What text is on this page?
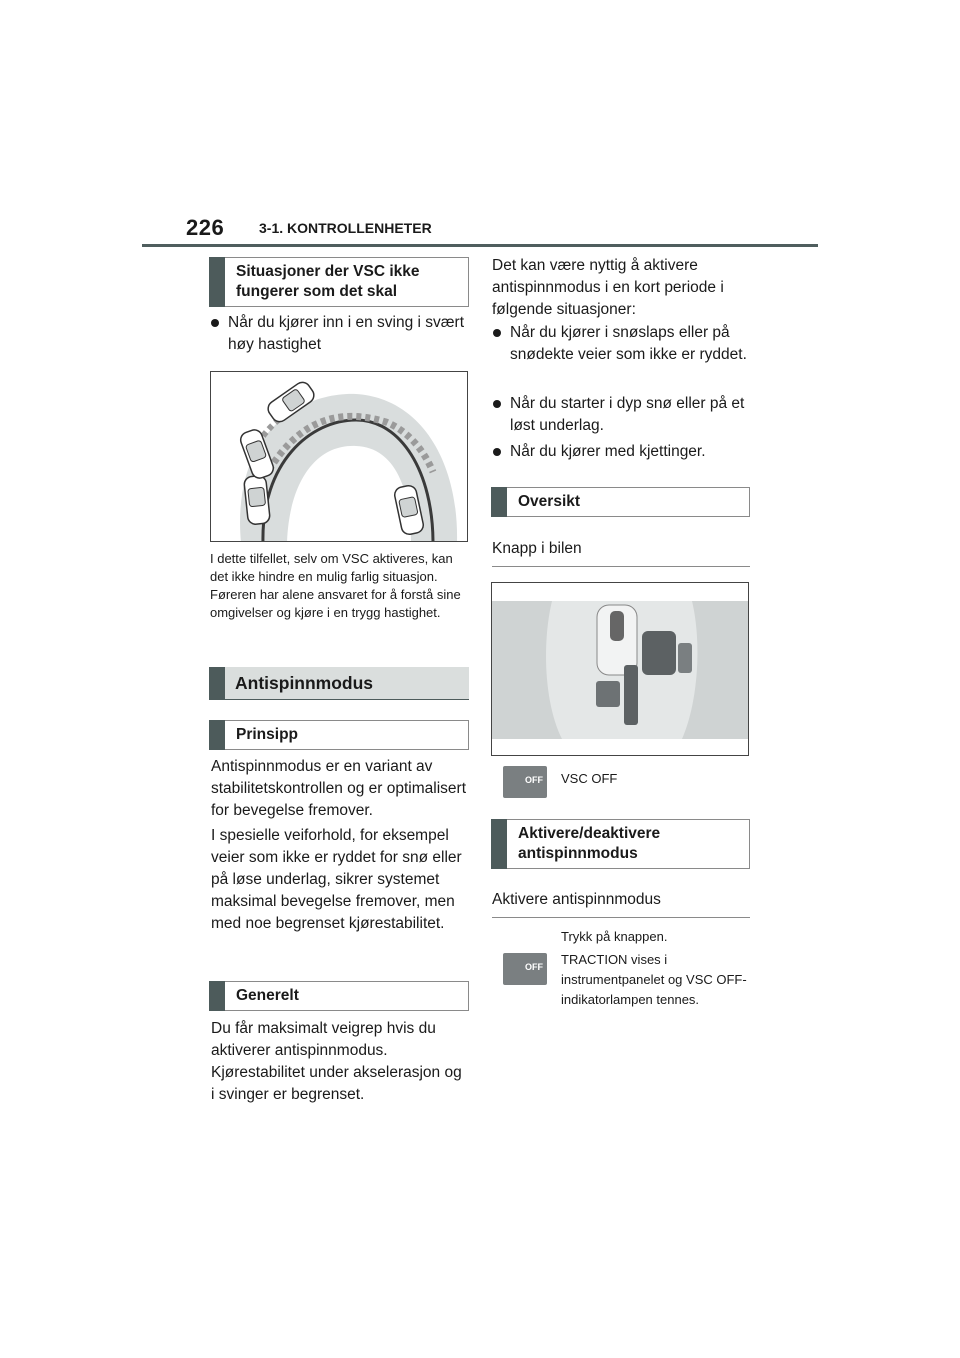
226 3-1. KONTROLLENHETER
Situasjoner der VSC ikke fungerer som det skal
Når du kjører inn i en sving i svært høy hastighet
I dette tilfellet, selv om VSC aktiveres, kan det ikke hindre en mulig farlig situasjon. Føreren har alene ansvaret for å forstå sine omgivelser og kjøre i en trygg hastighet.
Antispinnmodus
Prinsipp
Antispinnmodus er en variant av stabilitetskontrollen og er optimalisert for bevegelse fremover.
I spesielle veiforhold, for eksempel veier som ikke er ryddet for snø eller på løse underlag, sikrer systemet maksimal bevegelse fremover, men med noe begrenset kjørestabilitet.
Generelt
Du får maksimalt veigrep hvis du aktiverer antispinnmodus. Kjørestabilitet under akselerasjon og i svinger er begrenset.
Det kan være nyttig å aktivere antispinnmodus i en kort periode i følgende situasjoner:
Når du kjører i snøslaps eller på snødekte veier som ikke er ryddet.
Når du starter i dyp snø eller på et løst underlag.
Når du kjører med kjettinger.
Oversikt
Knapp i bilen
OFF VSC OFF
Aktivere/deaktivere antispinnmodus
Aktivere antispinnmodus
Trykk på knappen.
OFF TRACTION vises i instrumentpanelet og VSC OFF-indikatorlampen tennes.
